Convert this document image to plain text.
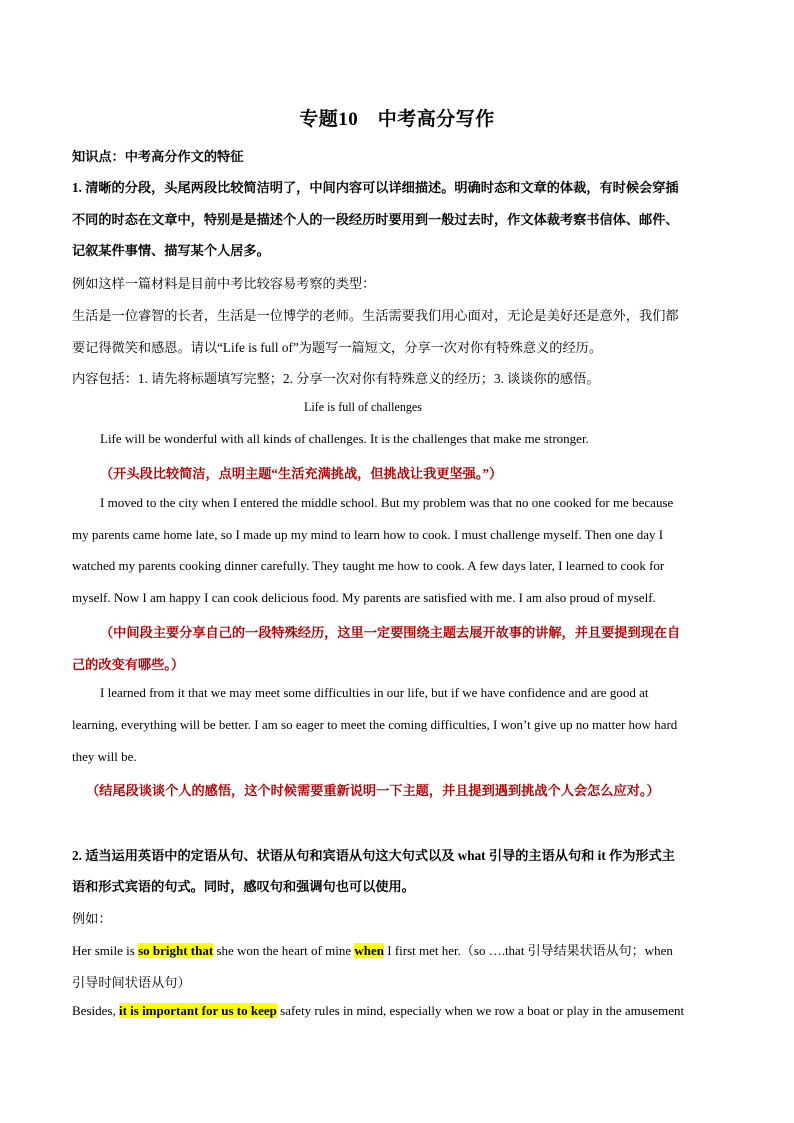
专题10　中考高分写作
知识点：中考高分作文的特征
1. 清晰的分段，头尾两段比较简洁明了，中间内容可以详细描述。明确时态和文章的体裁，有时候会穿插
不同的时态在文章中，特别是是描述个人的一段经历时要用到一般过去时，作文体裁考察书信体、邮件、
记叙某件事情、描写某个人居多。
例如这样一篇材料是目前中考比较容易考察的类型：
生活是一位睿智的长者，生活是一位博学的老师。生活需要我们用心面对，无论是美好还是意外，我们都
要记得微笑和感恩。请以“Life is full of”为题写一篇短文，分享一次对你有特殊意义的经历。
内容包括：1. 请先将标题填写完整；2. 分享一次对你有特殊意义的经历；3. 谈谈你的感悟。
Life is full of challenges
Life will be wonderful with all kinds of challenges. It is the challenges that make me stronger.
（开头段比较简洁，点明主题“生活充满挑战，但挑战让我更坚强。”）
I moved to the city when I entered the middle school. But my problem was that no one cooked for me because
my parents came home late, so I made up my mind to learn how to cook. I must challenge myself. Then one day I
watched my parents cooking dinner carefully. They taught me how to cook. A few days later, I learned to cook for
myself. Now I am happy I can cook delicious food. My parents are satisfied with me. I am also proud of myself.
（中间段主要分享自己的一段特殊经历，这里一定要围绕主题去展开故事的讲解，并且要提到现在自
己的改变有哪些。）
I learned from it that we may meet some difficulties in our life, but if we have confidence and are good at
learning, everything will be better. I am so eager to meet the coming difficulties, I won’t give up no matter how hard
they will be.
（结尾段谈谈个人的感悟，这个时候需要重新说明一下主题，并且提到遇到挑战个人会怎么应对。）
2. 适当运用英语中的定语从句、状语从句和宾语从句这大句式以及 what 引导的主语从句和 it 作为形式主
语和形式宾语的句式。同时，感叹句和强调句也可以使用。
例如：
Her smile is so bright that she won the heart of mine when I first met her.（so ….that 引导结果状语从句；when
引导时间状语从句）
Besides, it is important for us to keep safety rules in mind, especially when we row a boat or play in the amusement
